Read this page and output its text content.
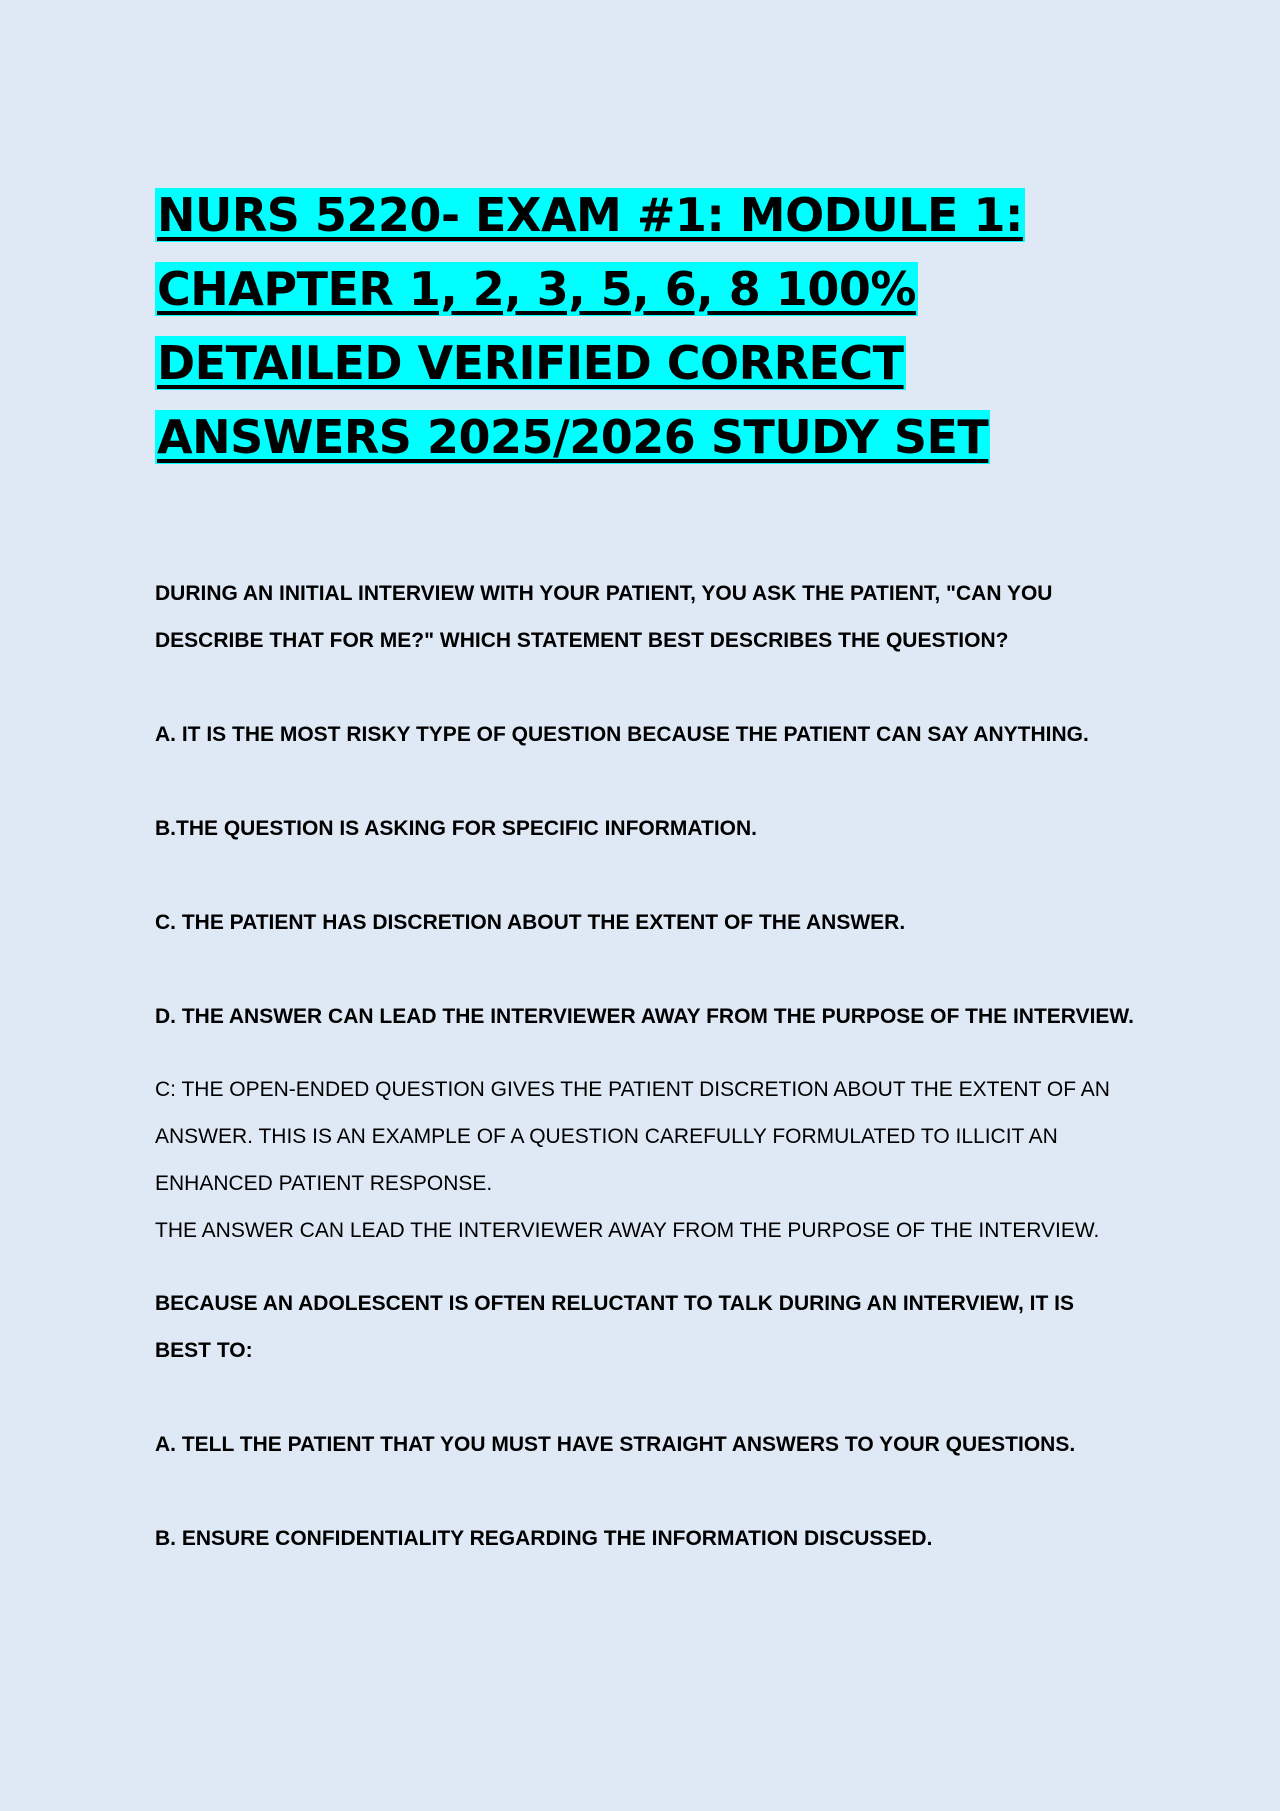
NURS 5220- EXAM #1: MODULE 1: CHAPTER 1, 2, 3, 5, 6, 8 100% DETAILED VERIFIED CORRECT ANSWERS 2025/2026 STUDY SET

DURING AN INITIAL INTERVIEW WITH YOUR PATIENT, YOU ASK THE PATIENT, "CAN YOU DESCRIBE THAT FOR ME?" WHICH STATEMENT BEST DESCRIBES THE QUESTION?

A. IT IS THE MOST RISKY TYPE OF QUESTION BECAUSE THE PATIENT CAN SAY ANYTHING.

B.THE QUESTION IS ASKING FOR SPECIFIC INFORMATION.

C. THE PATIENT HAS DISCRETION ABOUT THE EXTENT OF THE ANSWER.

D. THE ANSWER CAN LEAD THE INTERVIEWER AWAY FROM THE PURPOSE OF THE INTERVIEW.

C: THE OPEN-ENDED QUESTION GIVES THE PATIENT DISCRETION ABOUT THE EXTENT OF AN ANSWER. THIS IS AN EXAMPLE OF A QUESTION CAREFULLY FORMULATED TO ILLICIT AN ENHANCED PATIENT RESPONSE.

THE ANSWER CAN LEAD THE INTERVIEWER AWAY FROM THE PURPOSE OF THE INTERVIEW.

BECAUSE AN ADOLESCENT IS OFTEN RELUCTANT TO TALK DURING AN INTERVIEW, IT IS BEST TO:

A. TELL THE PATIENT THAT YOU MUST HAVE STRAIGHT ANSWERS TO YOUR QUESTIONS.

B. ENSURE CONFIDENTIALITY REGARDING THE INFORMATION DISCUSSED.
